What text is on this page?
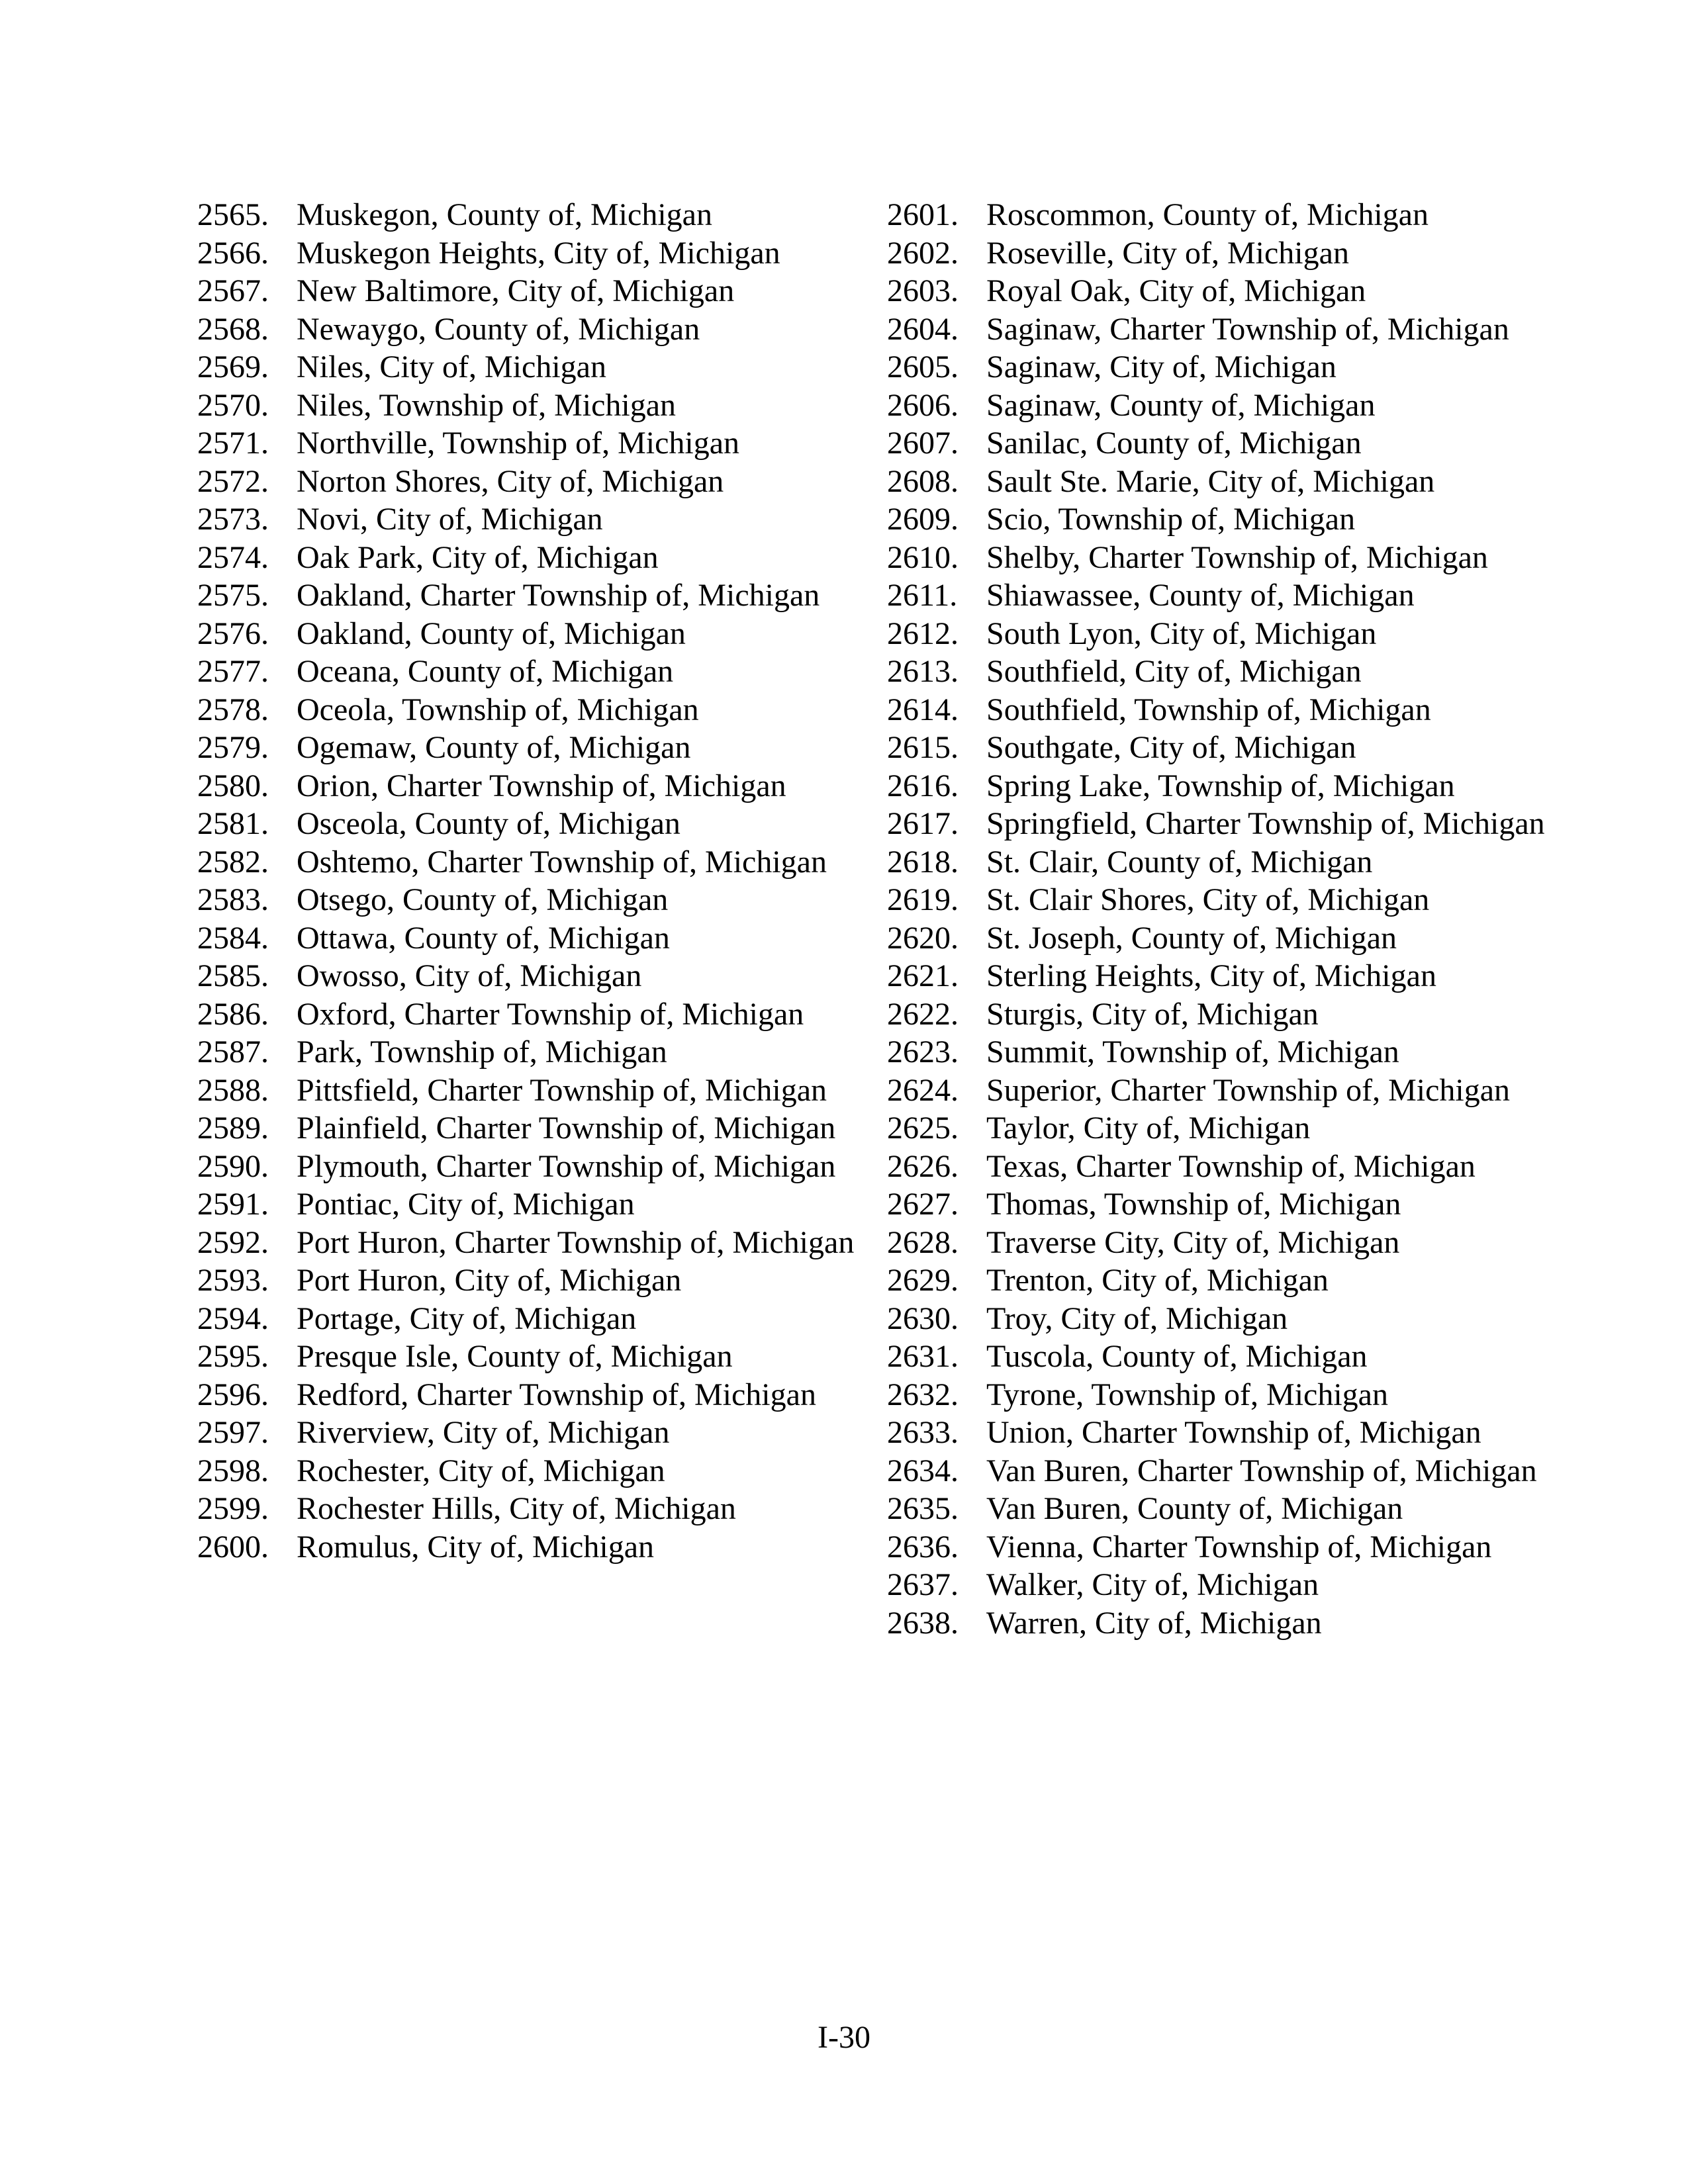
2565. Muskegon, County of, Michigan
2566. Muskegon Heights, City of, Michigan
2567. New Baltimore, City of, Michigan
2568. Newaygo, County of, Michigan
2569. Niles, City of, Michigan
2570. Niles, Township of, Michigan
2571. Northville, Township of, Michigan
2572. Norton Shores, City of, Michigan
2573. Novi, City of, Michigan
2574. Oak Park, City of, Michigan
2575. Oakland, Charter Township of, Michigan
2576. Oakland, County of, Michigan
2577. Oceana, County of, Michigan
2578. Oceola, Township of, Michigan
2579. Ogemaw, County of, Michigan
2580. Orion, Charter Township of, Michigan
2581. Osceola, County of, Michigan
2582. Oshtemo, Charter Township of, Michigan
2583. Otsego, County of, Michigan
2584. Ottawa, County of, Michigan
2585. Owosso, City of, Michigan
2586. Oxford, Charter Township of, Michigan
2587. Park, Township of, Michigan
2588. Pittsfield, Charter Township of, Michigan
2589. Plainfield, Charter Township of, Michigan
2590. Plymouth, Charter Township of, Michigan
2591. Pontiac, City of, Michigan
2592. Port Huron, Charter Township of, Michigan
2593. Port Huron, City of, Michigan
2594. Portage, City of, Michigan
2595. Presque Isle, County of, Michigan
2596. Redford, Charter Township of, Michigan
2597. Riverview, City of, Michigan
2598. Rochester, City of, Michigan
2599. Rochester Hills, City of, Michigan
2600. Romulus, City of, Michigan
2601. Roscommon, County of, Michigan
2602. Roseville, City of, Michigan
2603. Royal Oak, City of, Michigan
2604. Saginaw, Charter Township of, Michigan
2605. Saginaw, City of, Michigan
2606. Saginaw, County of, Michigan
2607. Sanilac, County of, Michigan
2608. Sault Ste. Marie, City of, Michigan
2609. Scio, Township of, Michigan
2610. Shelby, Charter Township of, Michigan
2611. Shiawassee, County of, Michigan
2612. South Lyon, City of, Michigan
2613. Southfield, City of, Michigan
2614. Southfield, Township of, Michigan
2615. Southgate, City of, Michigan
2616. Spring Lake, Township of, Michigan
2617. Springfield, Charter Township of, Michigan
2618. St. Clair, County of, Michigan
2619. St. Clair Shores, City of, Michigan
2620. St. Joseph, County of, Michigan
2621. Sterling Heights, City of, Michigan
2622. Sturgis, City of, Michigan
2623. Summit, Township of, Michigan
2624. Superior, Charter Township of, Michigan
2625. Taylor, City of, Michigan
2626. Texas, Charter Township of, Michigan
2627. Thomas, Township of, Michigan
2628. Traverse City, City of, Michigan
2629. Trenton, City of, Michigan
2630. Troy, City of, Michigan
2631. Tuscola, County of, Michigan
2632. Tyrone, Township of, Michigan
2633. Union, Charter Township of, Michigan
2634. Van Buren, Charter Township of, Michigan
2635. Van Buren, County of, Michigan
2636. Vienna, Charter Township of, Michigan
2637. Walker, City of, Michigan
2638. Warren, City of, Michigan
I-30
